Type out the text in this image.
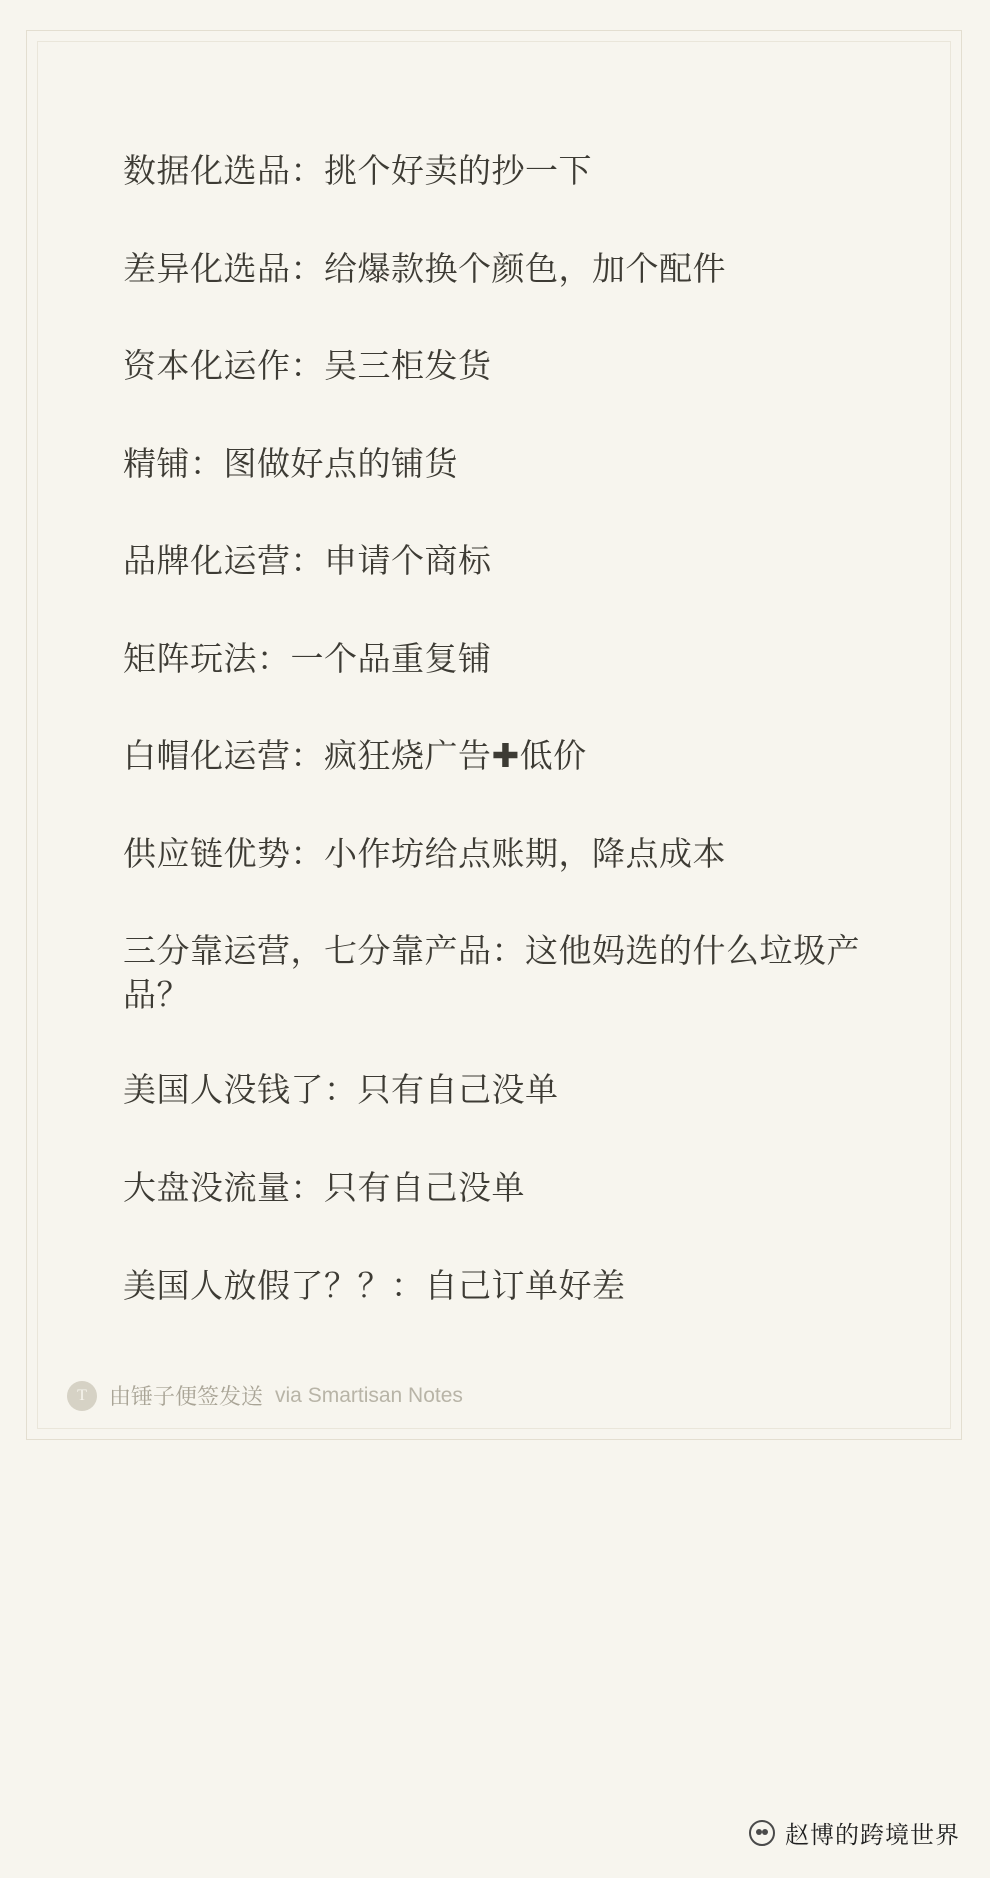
数据化选品：挑个好卖的抄一下
差异化选品：给爆款换个颜色，加个配件
资本化运作：吴三柜发货
精铺：图做好点的铺货
品牌化运营：申请个商标
矩阵玩法：一个品重复铺
白帽化运营：疯狂烧广告✚低价
供应链优势：小作坊给点账期，降点成本
三分靠运营，七分靠产品：这他妈选的什么垃圾产品？
美国人没钱了：只有自己没单
大盘没流量：只有自己没单
美国人放假了？？：自己订单好差
T	由锤子便签发送 via Smartisan Notes
赵博的跨境世界
